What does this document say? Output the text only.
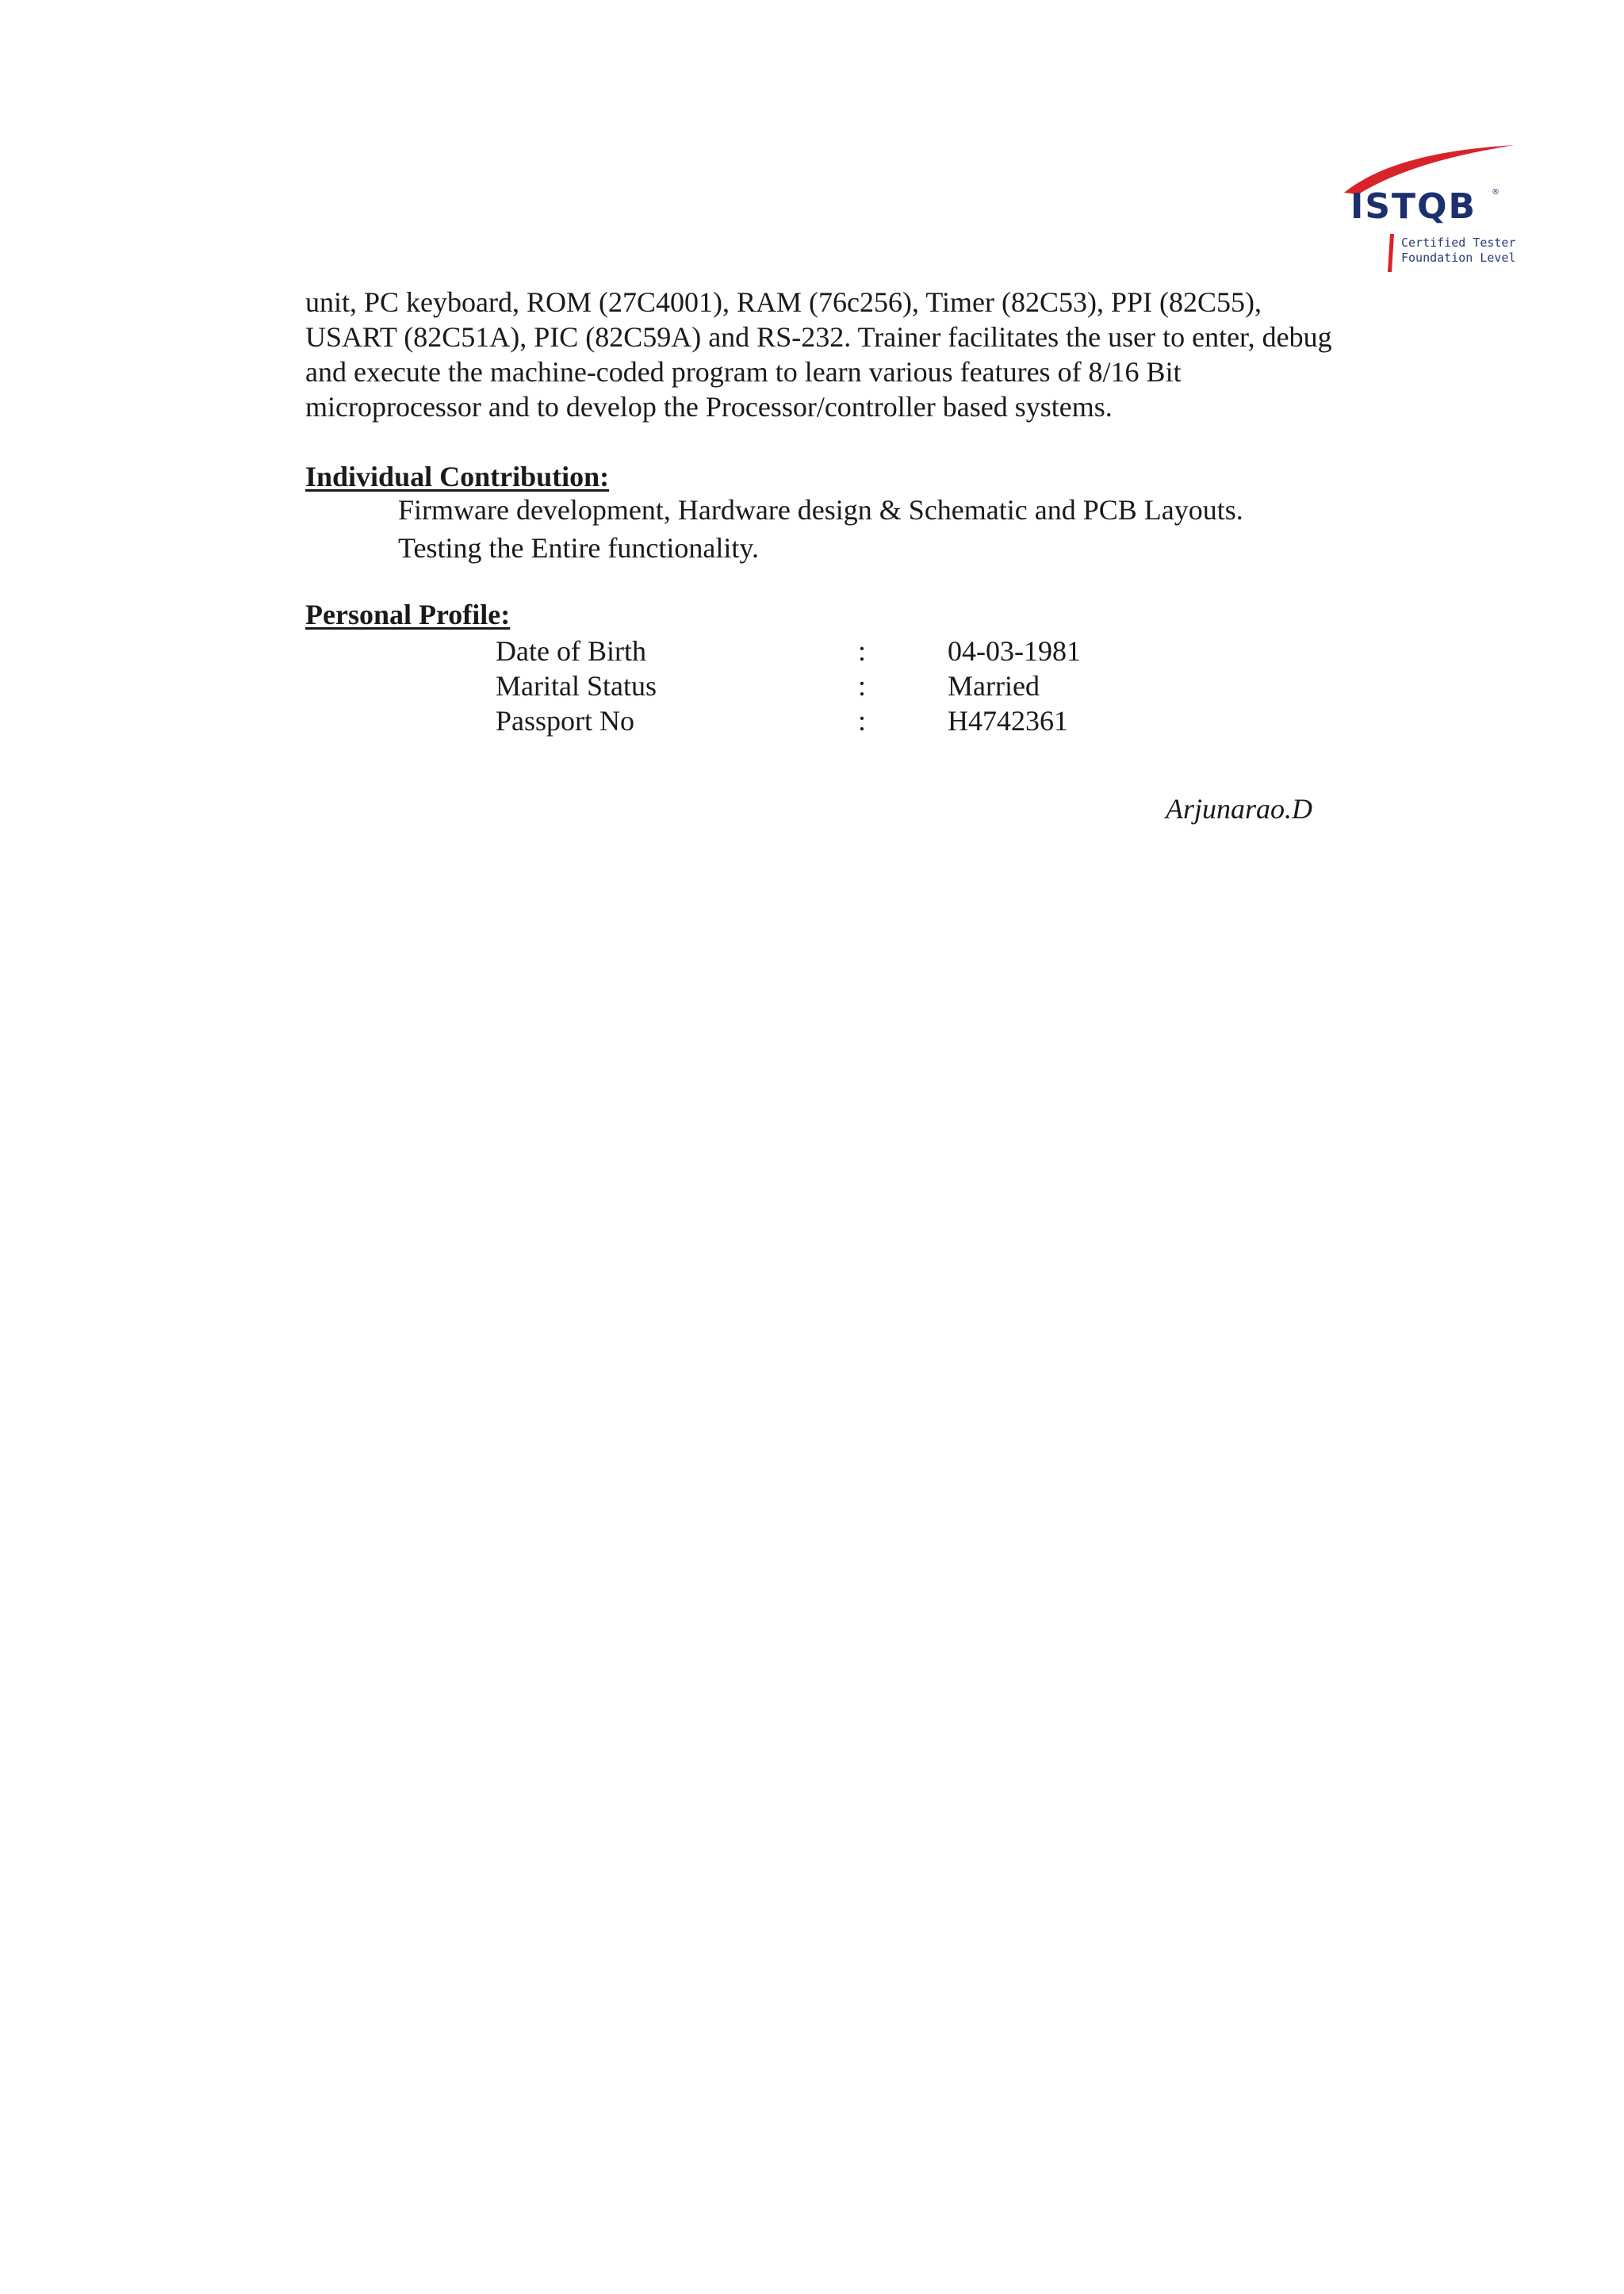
ISTQB ®
Certified Tester
Foundation Level
unit, PC keyboard, ROM (27C4001), RAM (76c256), Timer (82C53), PPI (82C55),
USART (82C51A), PIC (82C59A) and RS-232. Trainer facilitates the user to enter, debug
and execute the machine-coded program to learn various features of 8/16 Bit
microprocessor and to develop the Processor/controller based systems.
Individual Contribution:
Firmware development, Hardware design & Schematic and PCB Layouts.
Testing the Entire functionality.
Personal Profile:
Date of Birth	:	04-03-1981
Marital Status	:	Married
Passport No	:	H4742361
Arjunarao.D
